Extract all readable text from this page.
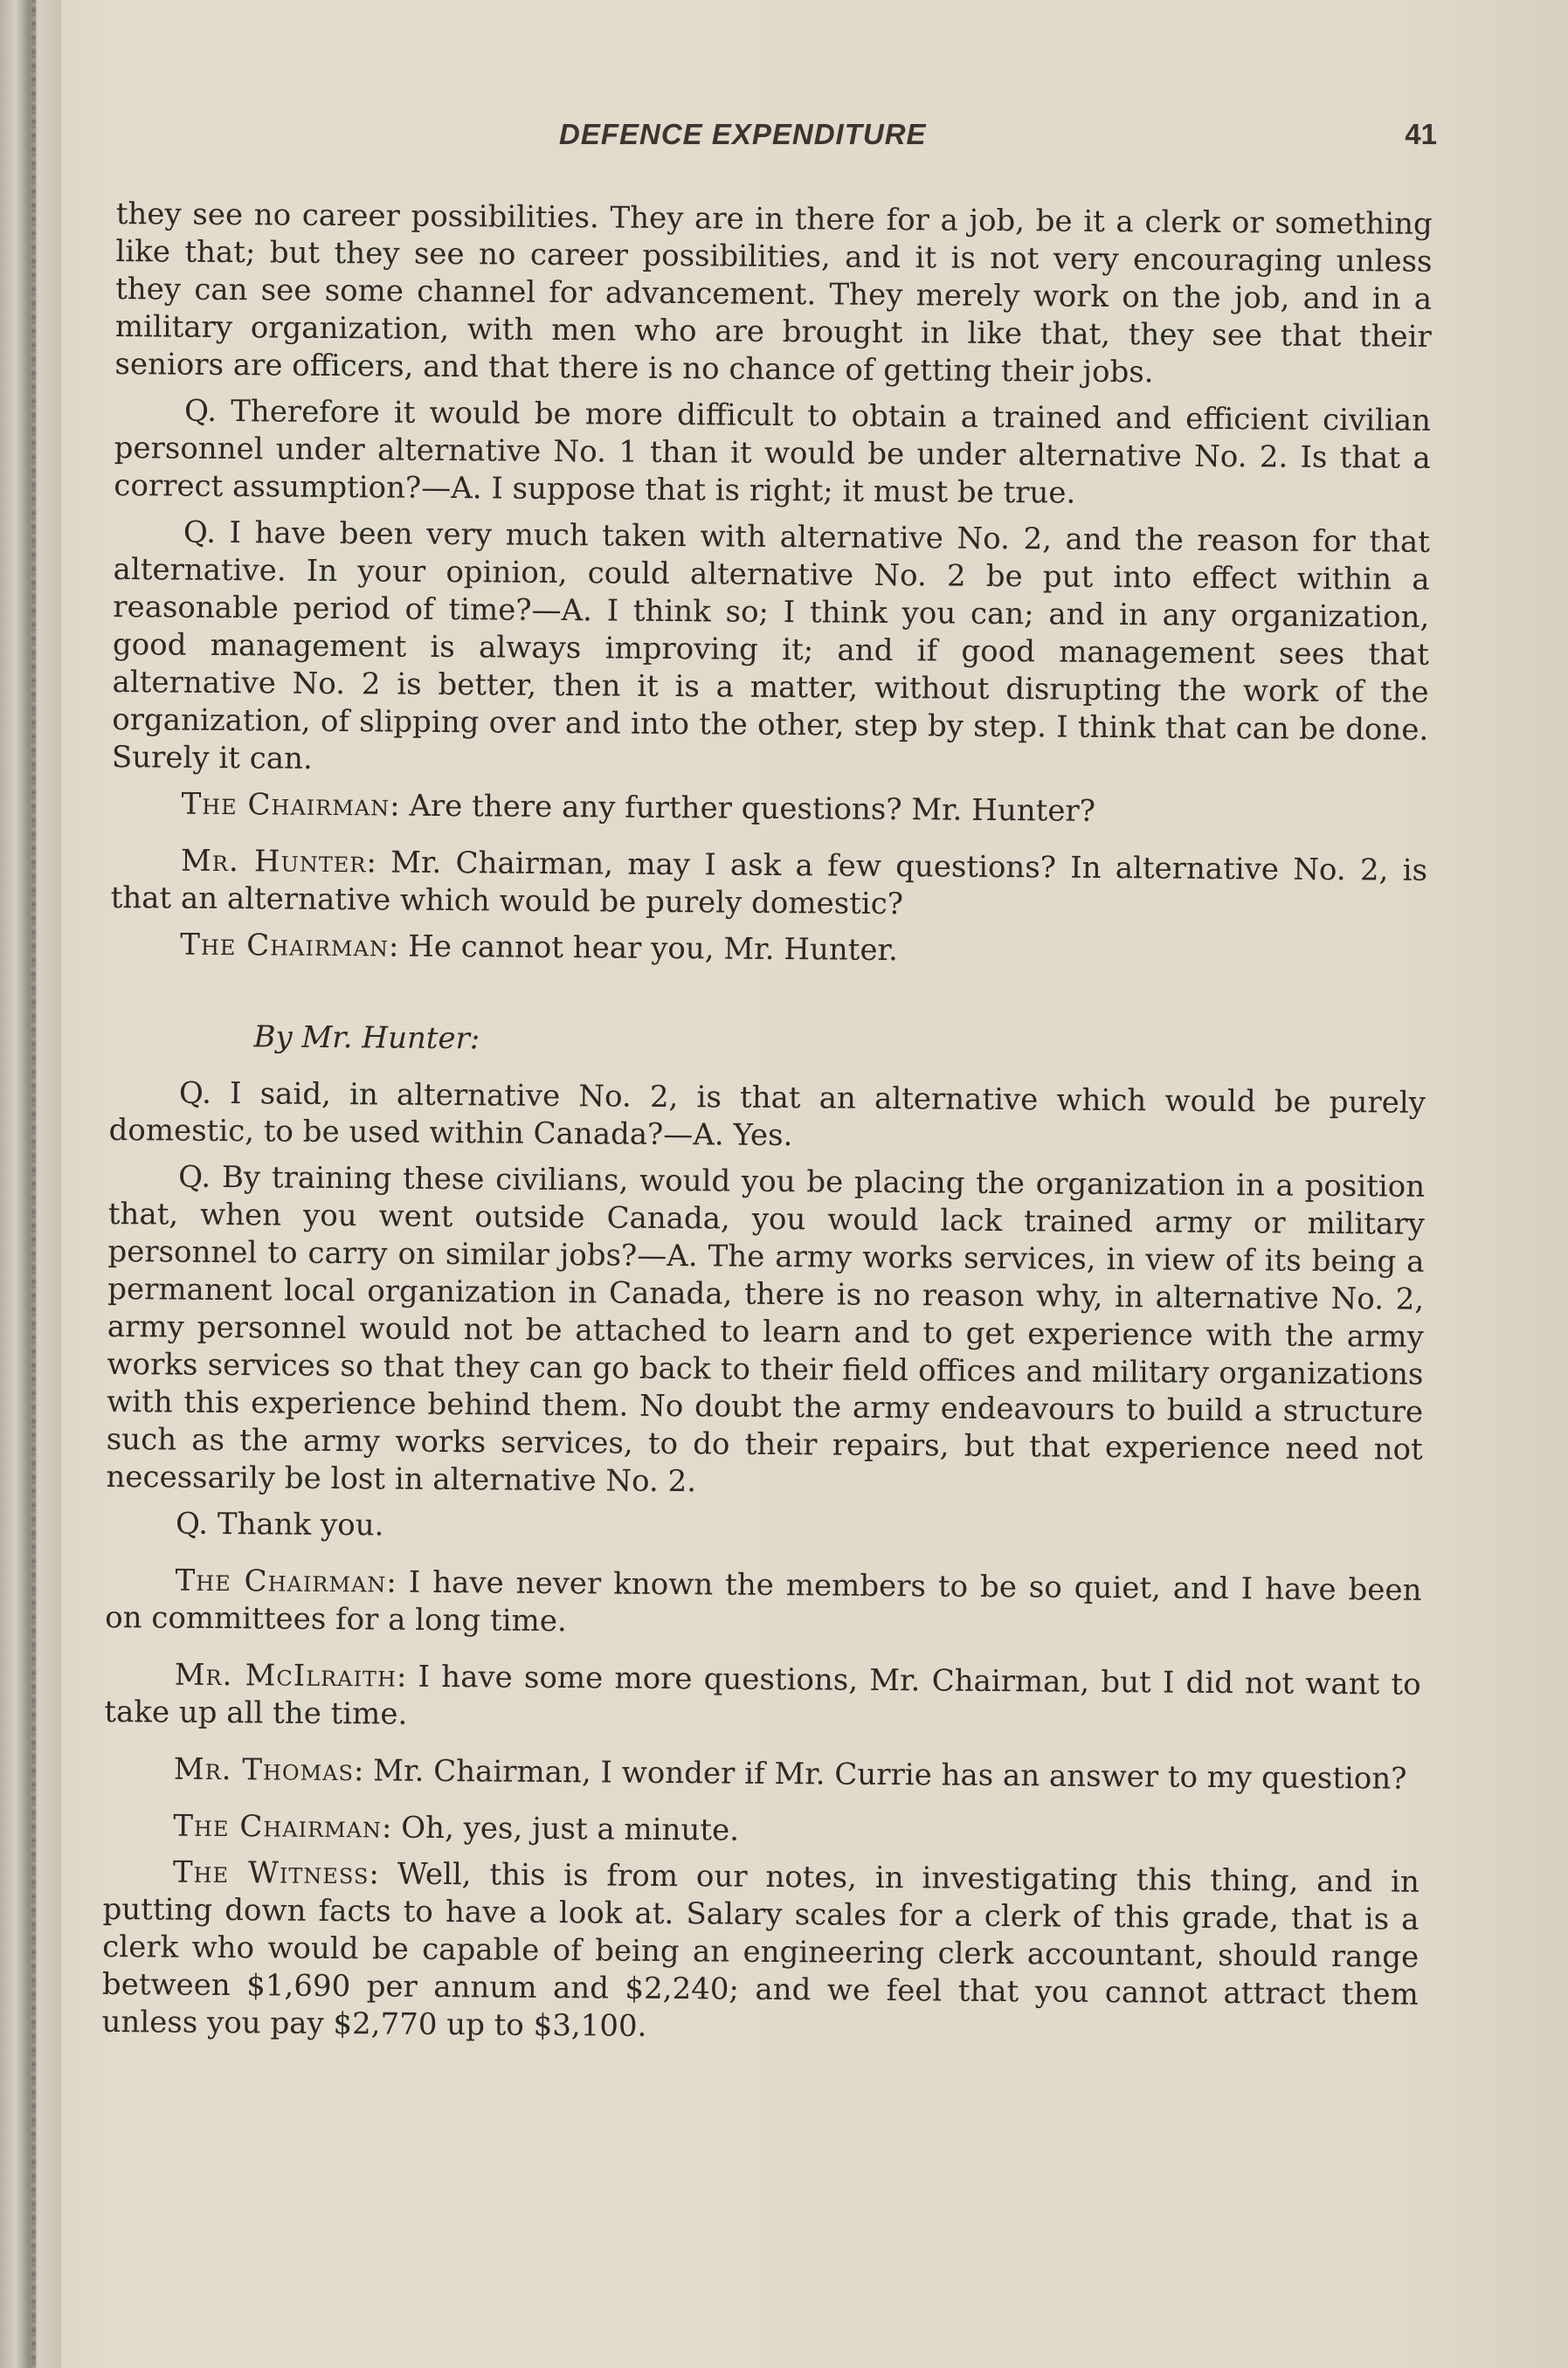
DEFENCE EXPENDITURE	41

they see no career possibilities. They are in there for a job, be it a clerk or something like that; but they see no career possibilities, and it is not very encouraging unless they can see some channel for advancement. They merely work on the job, and in a military organization, with men who are brought in like that, they see that their seniors are officers, and that there is no chance of getting their jobs.

Q. Therefore it would be more difficult to obtain a trained and efficient civilian personnel under alternative No. 1 than it would be under alternative No. 2. Is that a correct assumption?—A. I suppose that is right; it must be true.

Q. I have been very much taken with alternative No. 2, and the reason for that alternative. In your opinion, could alternative No. 2 be put into effect within a reasonable period of time?—A. I think so; I think you can; and in any organization, good management is always improving it; and if good management sees that alternative No. 2 is better, then it is a matter, without disrupting the work of the organization, of slipping over and into the other, step by step. I think that can be done. Surely it can.

The Chairman: Are there any further questions? Mr. Hunter?

Mr. Hunter: Mr. Chairman, may I ask a few questions? In alternative No. 2, is that an alternative which would be purely domestic?

The Chairman: He cannot hear you, Mr. Hunter.

By Mr. Hunter:

Q. I said, in alternative No. 2, is that an alternative which would be purely domestic, to be used within Canada?—A. Yes.

Q. By training these civilians, would you be placing the organization in a position that, when you went outside Canada, you would lack trained army or military personnel to carry on similar jobs?—A. The army works services, in view of its being a permanent local organization in Canada, there is no reason why, in alternative No. 2, army personnel would not be attached to learn and to get experience with the army works services so that they can go back to their field offices and military organizations with this experience behind them. No doubt the army endeavours to build a structure such as the army works services, to do their repairs, but that experience need not necessarily be lost in alternative No. 2.

Q. Thank you.

The Chairman: I have never known the members to be so quiet, and I have been on committees for a long time.

Mr. McIlraith: I have some more questions, Mr. Chairman, but I did not want to take up all the time.

Mr. Thomas: Mr. Chairman, I wonder if Mr. Currie has an answer to my question?

The Chairman: Oh, yes, just a minute.

The Witness: Well, this is from our notes, in investigating this thing, and in putting down facts to have a look at. Salary scales for a clerk of this grade, that is a clerk who would be capable of being an engineering clerk accountant, should range between $1,690 per annum and $2,240; and we feel that you cannot attract them unless you pay $2,770 up to $3,100.
